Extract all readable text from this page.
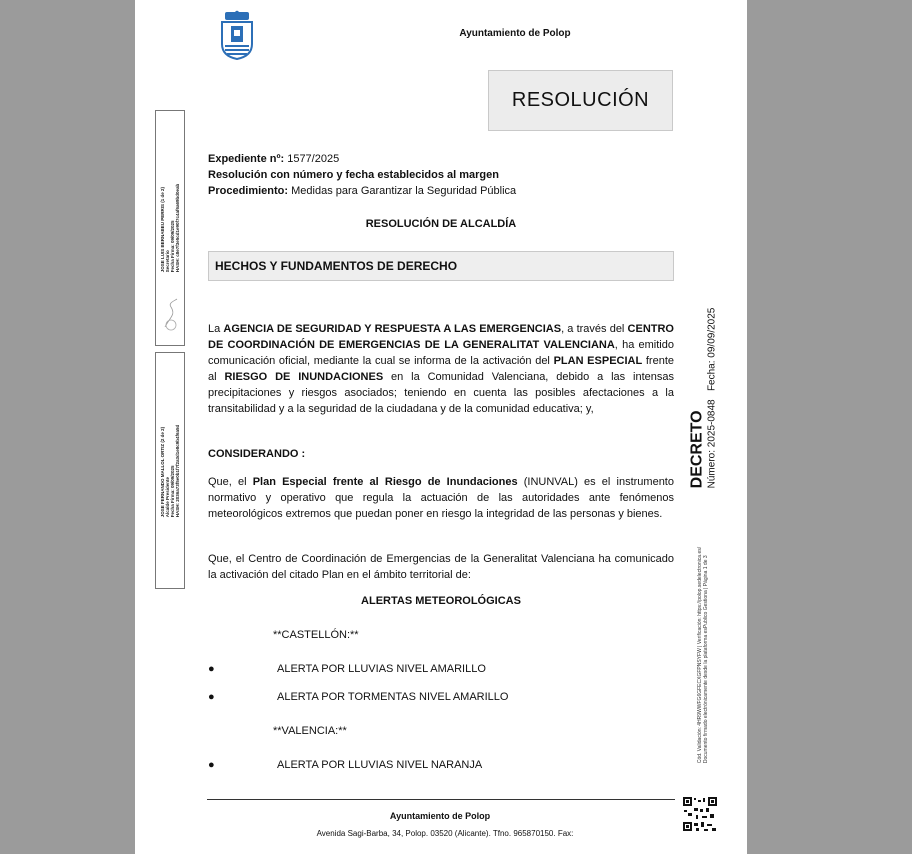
Ayuntamiento de Polop
RESOLUCIÓN
Expediente nº: 1577/2025
Resolución con número y fecha establecidos al margen
Procedimiento: Medidas para Garantizar la Seguridad Pública
RESOLUCIÓN DE ALCALDÍA
HECHOS Y FUNDAMENTOS DE DERECHO
La AGENCIA DE SEGURIDAD Y RESPUESTA A LAS EMERGENCIAS, a través del CENTRO DE COORDINACIÓN DE EMERGENCIAS DE LA GENERALITAT VALENCIANA, ha emitido comunicación oficial, mediante la cual se informa de la activación del PLAN ESPECIAL frente al RIESGO DE INUNDACIONES en la Comunidad Valenciana, debido a las intensas precipitaciones y riesgos asociados; teniendo en cuenta las posibles afectaciones a la transitabilidad y a la seguridad de la ciudadana y de la comunidad educativa; y,
CONSIDERANDO :
Que, el Plan Especial frente al Riesgo de Inundaciones (INUNVAL) es el instrumento normativo y operativo que regula la actuación de las autoridades ante fenómenos meteorológicos extremos que puedan poner en riesgo la integridad de las personas y bienes.
Que, el Centro de Coordinación de Emergencias de la Generalitat Valenciana ha comunicado la activación del citado Plan en el ámbito territorial de:
ALERTAS METEOROLÓGICAS
**CASTELLÓN:**
●	ALERTA POR LLUVIAS NIVEL AMARILLO
●	ALERTA POR TORMENTAS NIVEL AMARILLO
**VALENCIA:**
●	ALERTA POR LLUVIAS NIVEL NARANJA
Ayuntamiento de Polop
Avenida Sagi-Barba, 34, Polop. 03520 (Alicante). Tfno. 965870150. Fax:
JOSE LUIS BERNABEU PERRIS (1 de 2) Secretario Fecha Firma: 09/09/2025 HASH: c8e7f3e5cd1e90f7c4af6a69bd0eab
JOSE FERNANDO MALLOL ORTIZ (2 de 2) Alcalde Presidente Fecha Firma: 09/09/2025 HASH: 2036a73f5e0b1f7f2a3d1e8c9b4f6a5d	DECRETO Número: 2025-0848   Fecha: 09/09/2025
Cód. Validación: 4HR9WWFG6GFECXGFPNSYFW | Verificación: https://polop.sedelectronica.es/ Documento firmado electrónicamente desde la plataforma esPublico Gestiona | Página 1 de 3
